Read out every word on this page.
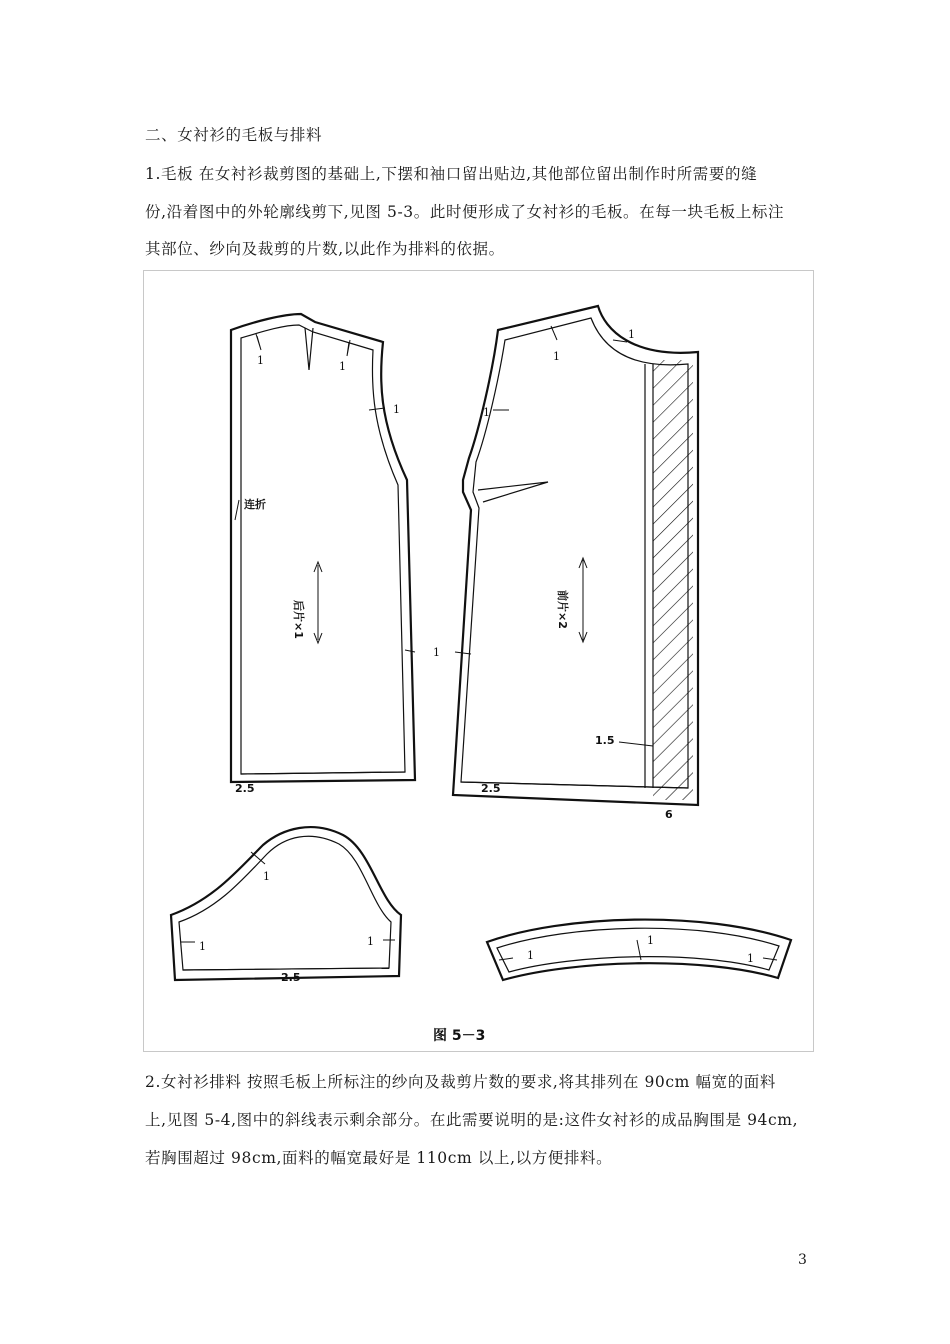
二、女衬衫的毛板与排料
1.毛板 在女衬衫裁剪图的基础上,下摆和袖口留出贴边,其他部位留出制作时所需要的缝
份,沿着图中的外轮廓线剪下,见图 5-3。此时便形成了女衬衫的毛板。在每一块毛板上标注
其部位、纱向及裁剪的片数,以此作为排料的依据。
1	1
1
连折
后片×1
1
2.5
1
1
1
前片×2
1.5
2.5
6
1
1	1
2.5
1
1	1
图 5－3
2.女衬衫排料 按照毛板上所标注的纱向及裁剪片数的要求,将其排列在 90cm 幅宽的面料
上,见图 5-4,图中的斜线表示剩余部分。在此需要说明的是:这件女衬衫的成品胸围是 94cm,
若胸围超过 98cm,面料的幅宽最好是 110cm 以上,以方便排料。
3
